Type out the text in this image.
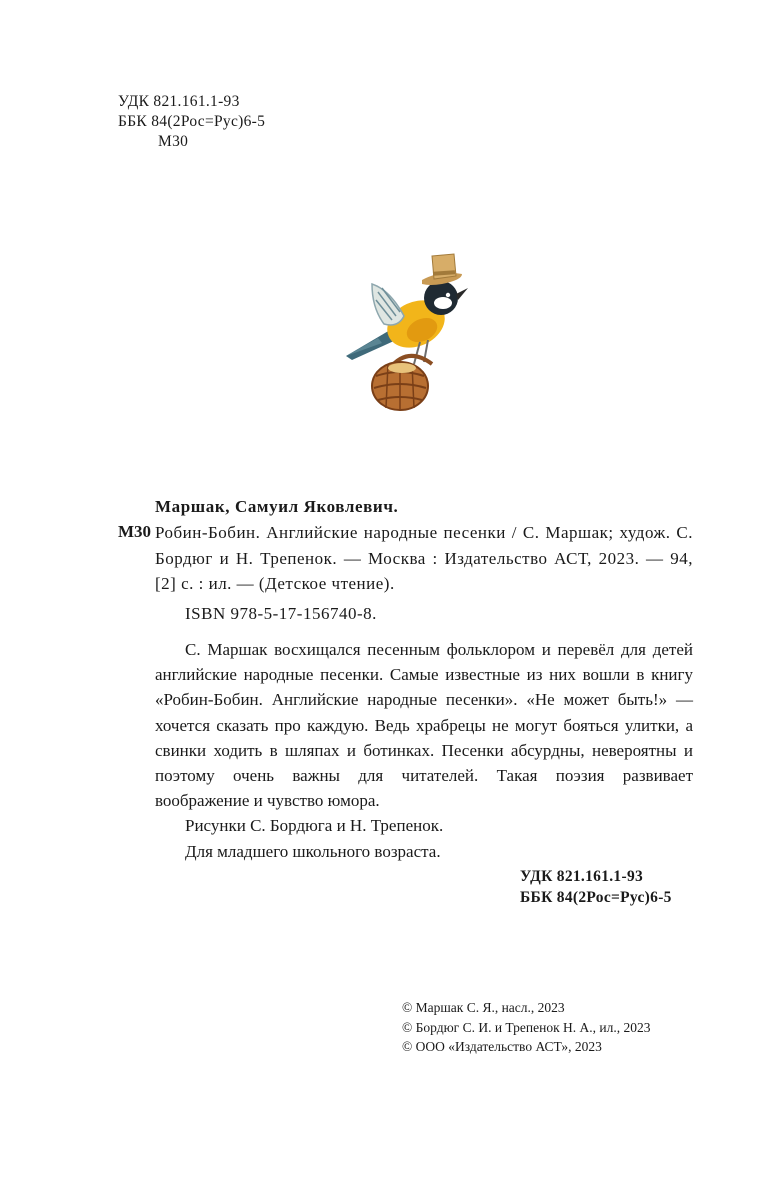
УДК 821.161.1-93
ББК 84(2Рос=Рус)6-5
М30
Маршак, Самуил Яковлевич.
М30 Робин-Бобин. Английские народные песенки / С. Маршак; худож. С. Бордюг и Н. Трепенок. — Москва : Издательство АСТ, 2023. — 94, [2] с. : ил. — (Детское чтение).
ISBN 978-5-17-156740-8.

С. Маршак восхищался песенным фольклором и перевёл для детей английские народные песенки. Самые известные из них вошли в книгу «Робин-Бобин. Английские народные песенки». «Не может быть!» — хочется сказать про каждую. Ведь храбрецы не могут бояться улитки, а свинки ходить в шляпах и ботинках. Песенки абсурдны, невероятны и поэтому очень важны для читателей. Такая поэзия развивает воображение и чувство юмора.

Рисунки С. Бордюга и Н. Трепенок.

Для младшего школьного возраста.

УДК 821.161.1-93
ББК 84(2Рос=Рус)6-5
© Маршак С. Я., насл., 2023
© Бордюг С. И. и Трепенок Н. А., ил., 2023
© ООО «Издательство АСТ», 2023
